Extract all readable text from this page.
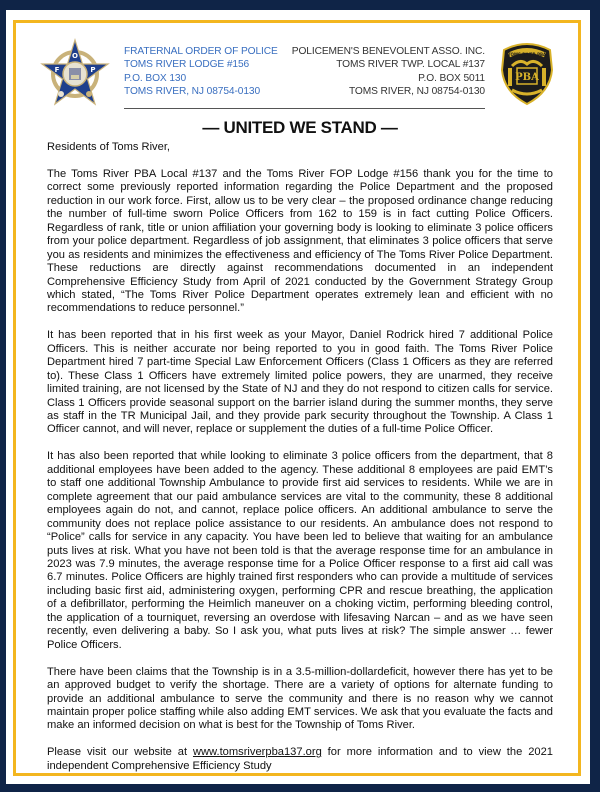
O
F	P
FRATERNAL ORDER OF POLICE
TOMS RIVER LODGE #156
P.O. BOX 130
TOMS RIVER, NJ 08754-0130
POLICEMEN'S BENEVOLENT ASSO. INC.
TOMS RIVER TWP. LOCAL #137
P.O. BOX 5011
TOMS RIVER, NJ 08754-0130
TOMS RIVER PBA
PBA
— UNITED WE STAND —

Residents of Toms River,

The Toms River PBA Local #137 and the Toms River FOP Lodge #156 thank you for the time to correct some previously reported information regarding the Police Department and the proposed reduction in our work force. First, allow us to be very clear – the proposed ordinance change reducing the number of full-time sworn Police Officers from 162 to 159 is in fact cutting Police Officers. Regardless of rank, title or union affiliation your governing body is looking to eliminate 3 police officers from your police department. Regardless of job assignment, that eliminates 3 police officers that serve you as residents and minimizes the effectiveness and efficiency of The Toms River Police Department. These reductions are directly against recommendations documented in an independent Comprehensive Efficiency Study from April of 2021 conducted by the Government Strategy Group which stated, “The Toms River Police Department operates extremely lean and efficient with no recommendations to reduce personnel.”

It has been reported that in his first week as your Mayor, Daniel Rodrick hired 7 additional Police Officers. This is neither accurate nor being reported to you in good faith. The Toms River Police Department hired 7 part-time Special Law Enforcement Officers (Class 1 Officers as they are referred to). These Class 1 Officers have extremely limited police powers, they are unarmed, they receive limited training, are not licensed by the State of NJ and they do not respond to citizen calls for service. Class 1 Officers provide seasonal support on the barrier island during the summer months, they serve as staff in the TR Municipal Jail, and they provide park security throughout the Township. A Class 1 Officer cannot, and will never, replace or supplement the duties of a full-time Police Officer.

It has also been reported that while looking to eliminate 3 police officers from the department, that 8 additional employees have been added to the agency. These additional 8 employees are paid EMT’s to staff one additional Township Ambulance to provide first aid services to residents. While we are in complete agreement that our paid ambulance services are vital to the community, these 8 additional employees again do not, and cannot, replace police officers. An additional ambulance to serve the community does not replace police assistance to our residents. An ambulance does not respond to “Police” calls for service in any capacity. You have been led to believe that waiting for an ambulance puts lives at risk. What you have not been told is that the average response time for an ambulance in 2023 was 7.9 minutes, the average response time for a Police Officer response to a first aid call was 6.7 minutes. Police Officers are highly trained first responders who can provide a multitude of services including basic first aid, administering oxygen, performing CPR and rescue breathing, the application of a defibrillator, performing the Heimlich maneuver on a choking victim, performing bleeding control, the application of a tourniquet, reversing an overdose with lifesaving Narcan – and as we have seen recently, even delivering a baby. So I ask you, what puts lives at risk? The simple answer … fewer Police Officers.

There have been claims that the Township is in a 3.5-million-dollardeficit, however there has yet to be an approved budget to verify the shortage. There are a variety of options for alternate funding to provide an additional ambulance to serve the community and there is no reason why we cannot maintain proper police staffing while also adding EMT services. We ask that you evaluate the facts and make an informed decision on what is best for the Township of Toms River.

Please visit our website at www.tomsriverpba137.org for more information and to view the 2021 independent Comprehensive Efficiency Study
